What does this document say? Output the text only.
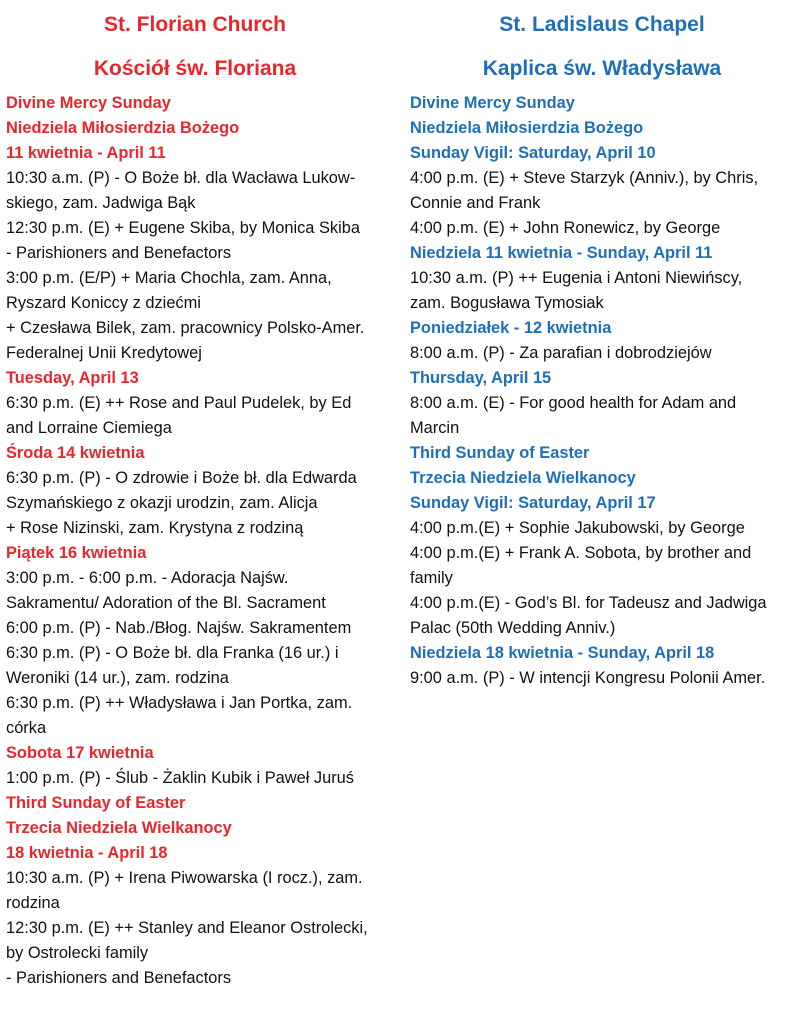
St. Florian Church
Kościół św. Floriana
Divine Mercy Sunday
Niedziela Miłosierdzia Bożego
11 kwietnia - April 11
10:30 a.m. (P) - O Boże bł. dla Wacława Lukow-
skiego, zam. Jadwiga Bąk
12:30 p.m. (E) + Eugene Skiba, by Monica Skiba
- Parishioners and Benefactors
3:00 p.m. (E/P) + Maria Chochla, zam. Anna,
Ryszard Koniccy z dziećmi
+ Czesława Bilek, zam. pracownicy Polsko-Amer.
Federalnej Unii Kredytowej
Tuesday, April 13
6:30 p.m. (E) ++ Rose and Paul Pudelek, by Ed
and Lorraine Ciemiega
Środa 14 kwietnia
6:30 p.m. (P) - O zdrowie i Boże bł. dla Edwarda
Szymańskiego z okazji urodzin, zam. Alicja
+ Rose Nizinski, zam. Krystyna z rodziną
Piątek 16 kwietnia
3:00 p.m. - 6:00 p.m. - Adoracja Najśw.
Sakramentu/ Adoration of the Bl. Sacrament
6:00 p.m. (P) - Nab./Błog. Najśw. Sakramentem
6:30 p.m. (P) - O Boże bł. dla Franka (16 ur.) i
Weroniki (14 ur.), zam. rodzina
6:30 p.m. (P) ++ Władysława i Jan Portka, zam.
córka
Sobota 17 kwietnia
1:00 p.m. (P) - Ślub - Żaklin Kubik i Paweł Juruś
Third Sunday of Easter
Trzecia Niedziela Wielkanocy
18 kwietnia - April 18
10:30 a.m. (P) + Irena Piwowarska (I rocz.), zam.
rodzina
12:30 p.m. (E) ++ Stanley and Eleanor Ostrolecki,
by Ostrolecki family
- Parishioners and Benefactors
St. Ladislaus Chapel
Kaplica św. Władysława
Divine Mercy Sunday
Niedziela Miłosierdzia Bożego
Sunday Vigil: Saturday, April 10
4:00 p.m. (E) + Steve Starzyk (Anniv.), by Chris,
Connie and Frank
4:00 p.m. (E) + John Ronewicz, by George
Niedziela 11 kwietnia - Sunday, April 11
10:30 a.m. (P) ++ Eugenia i Antoni Niewińscy,
zam. Bogusława Tymosiak
Poniedziałek - 12 kwietnia
8:00 a.m. (P) - Za parafian i dobrodziejów
Thursday, April 15
8:00 a.m. (E) - For good health for Adam and
Marcin
Third Sunday of Easter
Trzecia Niedziela Wielkanocy
Sunday Vigil: Saturday, April 17
4:00 p.m.(E) + Sophie Jakubowski, by George
4:00 p.m.(E) + Frank A. Sobota, by brother and
family
4:00 p.m.(E) - God’s Bl. for Tadeusz and Jadwiga
Palac (50th Wedding Anniv.)
Niedziela 18 kwietnia - Sunday, April 18
9:00 a.m. (P) - W intencji Kongresu Polonii Amer.
